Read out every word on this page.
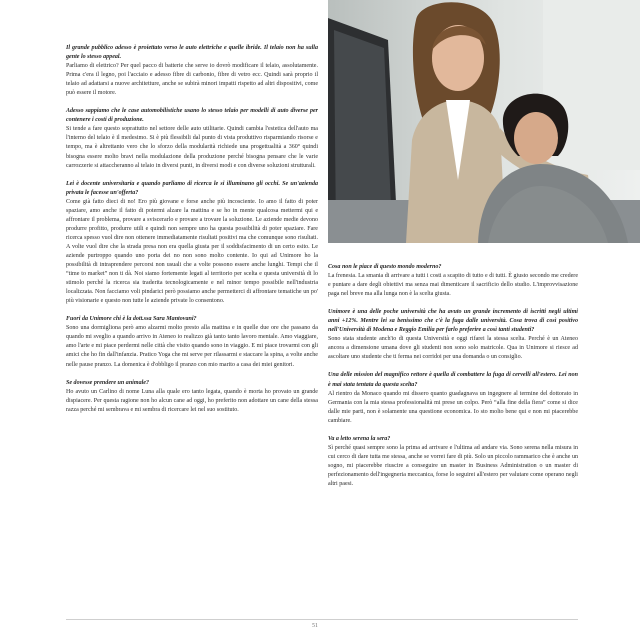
Il grande pubblico adesso è proiettato verso le auto elettriche e quelle ibride. Il telaio non ha sulla gente lo stesso appeal.
Parliamo di elettrico? Per quel pacco di batterie che serve io dovrò modificare il telaio, assolutamente. Prima c'era il legno, poi l'acciaio e adesso fibre di carbonio, fibre di vetro ecc. Quindi sarà proprio il telaio ad adattarsi a nuove architetture, anche se subirà minori impatti rispetto ad altri dispositivi, come può essere il motore.
Adesso sappiamo che le case automobilistiche usano lo stesso telaio per modelli di auto diverse per contenere i costi di produzione.
Si tende a fare questo soprattutto nel settore delle auto utilitarie. Quindi cambia l'estetica dell'auto ma l'interno del telaio è il medesimo. Si è più flessibili dal punto di vista produttivo risparmiando risorse e tempo, ma è altrettanto vero che lo sforzo della modularità richiede una progettualità a 360° quindi bisogna essere molto bravi nella modulazione della produzione perché bisogna pensare che le varie carrozzerie si attaccheranno al telaio in diversi punti, in diversi modi e con diverse soluzioni strutturali.
Lei è docente universitaria e quando parliamo di ricerca le si illuminano gli occhi. Se un'azienda privata le facesse un'offerta?
Come già fatto dieci di no! Ero più giovane e forse anche più incosciente. Io amo il fatto di poter spaziare, amo anche il fatto di potermi alzare la mattina e se ho in mente qualcosa mettermi qui e affrontare il problema, provare a sviscerarlo e provare a trovare la soluzione. Le aziende medie devono produrre profitto, produrre utili e quindi non sempre uno ha questa possibilità di poter spaziare. Fare ricerca spesso vuol dire non ottenere immediatamente risultati positivi ma che comunque sono risultati. A volte vuol dire che la strada presa non era quella giusta per il soddisfacimento di un certo esito. Le aziende purtroppo quando uno porta dei no non sono molto contente. Io qui ad Unimore ho la possibilità di intraprendere percorsi non usuali che a volte possono essere anche lunghi. Tempi che il “time to market” non ti dà. Noi siamo fortemente legati al territorio per scelta e questa università di lo stimolo perché la ricerca sia traderita tecnologicamente e nel minor tempo possibile nell'industria localizzata. Non facciamo voli pindarici però possiamo anche permetterci di affrontare tematiche un po' più visionarie e questo non tutte le aziende private lo consentono.
Fuori da Unimore chi è la dott.ssa Sara Mantovani?
Sono una dormigliona però amo alzarmi molto presto alla mattina e in quelle due ore che passano da quando mi sveglio a quando arrivo in Ateneo io realizzo già tanto tanto lavoro mentale. Amo viaggiare, amo l'arte e mi piace perdermi nelle città che visito quando sono in viaggio. E mi piace trovarmi con gli amici che ho fin dall'infanzia. Pratico Yoga che mi serve per rilassarmi e staccare la spina, a volte anche nelle pause pranzo. La domenica è d'obbligo il pranzo con mio marito a casa dei miei genitori.
Se dovesse prendere un animale?
Ho avuto un Carlino di nome Luna alla quale ero tanto legata, quando è morta ho provato un grande dispiacere. Per questa ragione non ho alcun cane ad oggi, ho preferito non adottare un cane della stessa razza perché mi sembrava e mi sembra di ricercare lei nel suo sostituto.
Cosa non le piace di questo mondo moderno?
La frenesia. La smania di arrivare a tutti i costi a scapito di tutto e di tutti. È giusto secondo me credere e puntare a dare degli obiettivi ma senza mai dimenticare il sacrificio dello studio. L'improvvisazione paga nel breve ma alla lunga non è la scelta giusta.
Unimore è una delle poche università che ha avuto un grande incremento di iscritti negli ultimi anni +12%. Mentre lei sa benissimo che c'è la fuga dalle università. Cosa trova di così positivo nell'Università di Modena e Reggio Emilia per farlo preferire a così tanti studenti?
Sono stata studente anch'io di questa Università e oggi rifarei la stessa scelta. Perché è un Ateneo ancora a dimensione umana dove gli studenti non sono solo matricole. Qua in Unimore si riesce ad ascoltare uno studente che ti ferma nei corridoi per una domanda o un consiglio.
Una delle mission del magnifico rettore è quella di combattere la fuga di cervelli all'estero. Lei non è mai stata tentata da questa scelta?
Al rientro da Monaco quando mi dissero quanto guadagnava un ingegnere al termine del dottorato in Germania con la mia stessa professionalità mi prese un colpo. Però “alla fine della fiera” come si dice dalle mie parti, non è solamente una questione economica. Io sto molto bene qui e non mi piacerebbe cambiare.
Va a letto serena la sera?
Sì perché quasi sempre sono la prima ad arrivare e l'ultima ad andare via. Sono serena nella misura in cui cerco di dare tutta me stessa, anche se vorrei fare di più. Solo un piccolo rammarico che è anche un sogno, mi piacerebbe riuscire a conseguire un master in Business Administration o un master di perfezionamento dell'ingegneria meccanica, forse lo seguirei all'estero per valutare come operano negli altri paesi.
51
